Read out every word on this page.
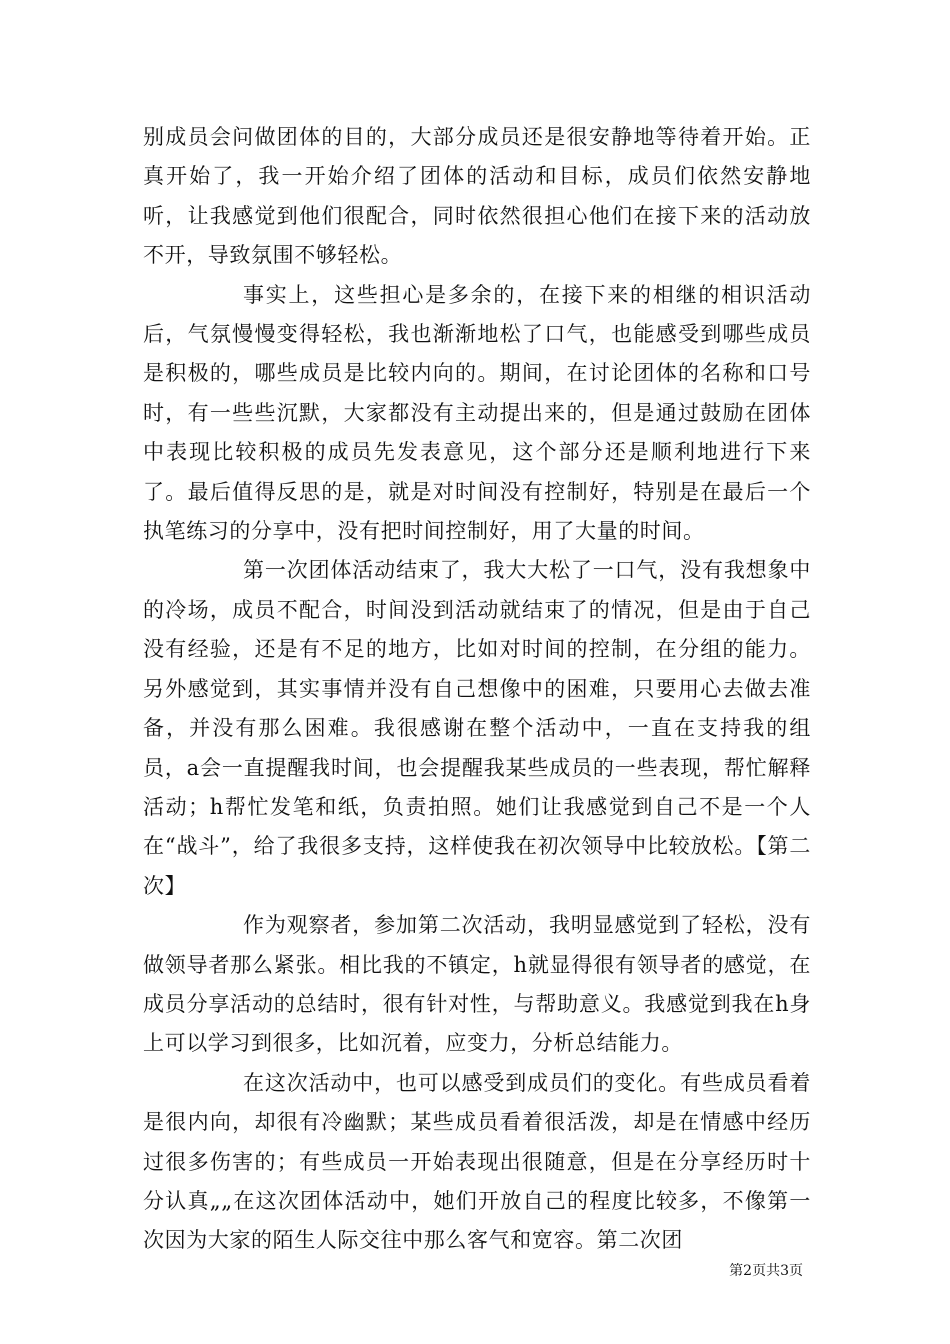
别成员会问做团体的目的，大部分成员还是很安静地等待着开始。正真开始了，我一开始介绍了团体的活动和目标，成员们依然安静地听，让我感觉到他们很配合，同时依然很担心他们在接下来的活动放不开，导致氛围不够轻松。

事实上，这些担心是多余的，在接下来的相继的相识活动后，气氛慢慢变得轻松，我也渐渐地松了口气，也能感受到哪些成员是积极的，哪些成员是比较内向的。期间，在讨论团体的名称和口号时，有一些些沉默，大家都没有主动提出来的，但是通过鼓励在团体中表现比较积极的成员先发表意见，这个部分还是顺利地进行下来了。最后值得反思的是，就是对时间没有控制好，特别是在最后一个执笔练习的分享中，没有把时间控制好，用了大量的时间。

第一次团体活动结束了，我大大松了一口气，没有我想象中的冷场，成员不配合，时间没到活动就结束了的情况，但是由于自己没有经验，还是有不足的地方，比如对时间的控制，在分组的能力。另外感觉到，其实事情并没有自己想像中的困难，只要用心去做去准备，并没有那么困难。我很感谢在整个活动中，一直在支持我的组员，a会一直提醒我时间，也会提醒我某些成员的一些表现，帮忙解释活动；h帮忙发笔和纸，负责拍照。她们让我感觉到自己不是一个人在“战斗”，给了我很多支持，这样使我在初次领导中比较放松。【第二次】

作为观察者，参加第二次活动，我明显感觉到了轻松，没有做领导者那么紧张。相比我的不镇定，h就显得很有领导者的感觉，在成员分享活动的总结时，很有针对性，与帮助意义。我感觉到我在h身上可以学习到很多，比如沉着，应变力，分析总结能力。

在这次活动中，也可以感受到成员们的变化。有些成员看着是很内向，却很有冷幽默；某些成员看着很活泼，却是在情感中经历过很多伤害的；有些成员一开始表现出很随意，但是在分享经历时十分认真„„在这次团体活动中，她们开放自己的程度比较多，不像第一次因为大家的陌生人际交往中那么客气和宽容。第二次团

第2页共3页
